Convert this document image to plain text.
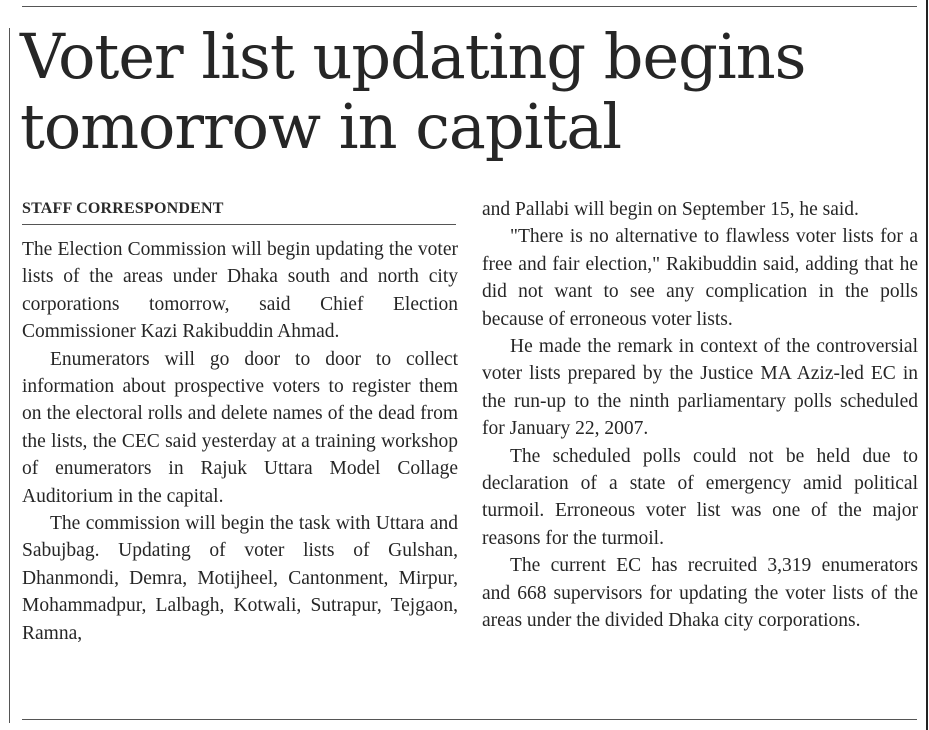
Voter list updating begins tomorrow in capital
STAFF CORRESPONDENT

The Election Commission will begin updating the voter lists of the areas under Dhaka south and north city corporations tomorrow, said Chief Election Commissioner Kazi Rakibuddin Ahmad.

Enumerators will go door to door to collect information about prospective voters to register them on the electoral rolls and delete names of the dead from the lists, the CEC said yesterday at a training workshop of enumerators in Rajuk Uttara Model Collage Auditorium in the capital.

The commission will begin the task with Uttara and Sabujbag. Updating of voter lists of Gulshan, Dhanmondi, Demra, Motijheel, Cantonment, Mirpur, Mohammadpur, Lalbagh, Kotwali, Sutrapur, Tejgaon, Ramna,

and Pallabi will begin on September 15, he said.

"There is no alternative to flawless voter lists for a free and fair election," Rakibuddin said, adding that he did not want to see any complication in the polls because of erroneous voter lists.

He made the remark in context of the controversial voter lists prepared by the Justice MA Aziz-led EC in the run-up to the ninth parliamentary polls scheduled for January 22, 2007.

The scheduled polls could not be held due to declaration of a state of emergency amid political turmoil. Erroneous voter list was one of the major reasons for the turmoil.

The current EC has recruited 3,319 enumerators and 668 supervisors for updating the voter lists of the areas under the divided Dhaka city corporations.
